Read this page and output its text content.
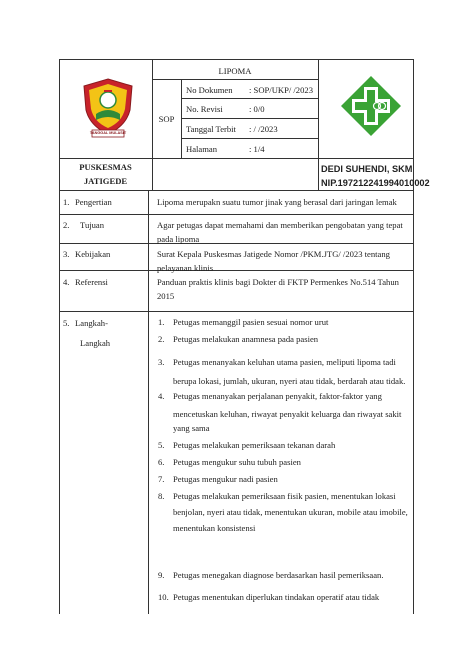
TANGGAL MULASIT
PUSKESMAS
JATIGEDE
LIPOMA
SOP
No Dokumen : SOP/UKP/ /2023
No. Revisi	: 0/0
Tanggal Terbit : / /2023
Halaman	: 1/4
DEDI SUHENDI, SKM
NIP.197212241994010002
1. Pengertian	Lipoma merupakn suatu tumor jinak yang berasal dari jaringan lemak
2. Tujuan	Agar petugas dapat memahami dan memberikan pengobatan yang tepat
pada lipoma
3. Kebijakan	Surat Kepala Puskesmas Jatigede Nomor /PKM.JTG/ /2023 tentang
pelayanan klinis
4. Referensi	Panduan praktis klinis bagi Dokter di FKTP Permenkes No.514 Tahun
2015
5. Langkah-
Langkah
1. Petugas memanggil pasien sesuai nomor urut
2. Petugas melakukan anamnesa pada pasien
3. Petugas menanyakan keluhan utama pasien, meliputi lipoma tadi
berupa lokasi, jumlah, ukuran, nyeri atau tidak, berdarah atau tidak.
4. Petugas menanyakan perjalanan penyakit, faktor-faktor yang
mencetuskan keluhan, riwayat penyakit keluarga dan riwayat sakit
yang sama
5. Petugas melakukan pemeriksaan tekanan darah
6. Petugas mengukur suhu tubuh pasien
7. Petugas mengukur nadi pasien
8. Petugas melakukan pemeriksaan fisik pasien, menentukan lokasi
benjolan, nyeri atau tidak, menentukan ukuran, mobile atau imobile,
menentukan konsistensi
9. Petugas menegakan diagnose berdasarkan hasil pemeriksaan.
10. Petugas menentukan diperlukan tindakan operatif atau tidak
